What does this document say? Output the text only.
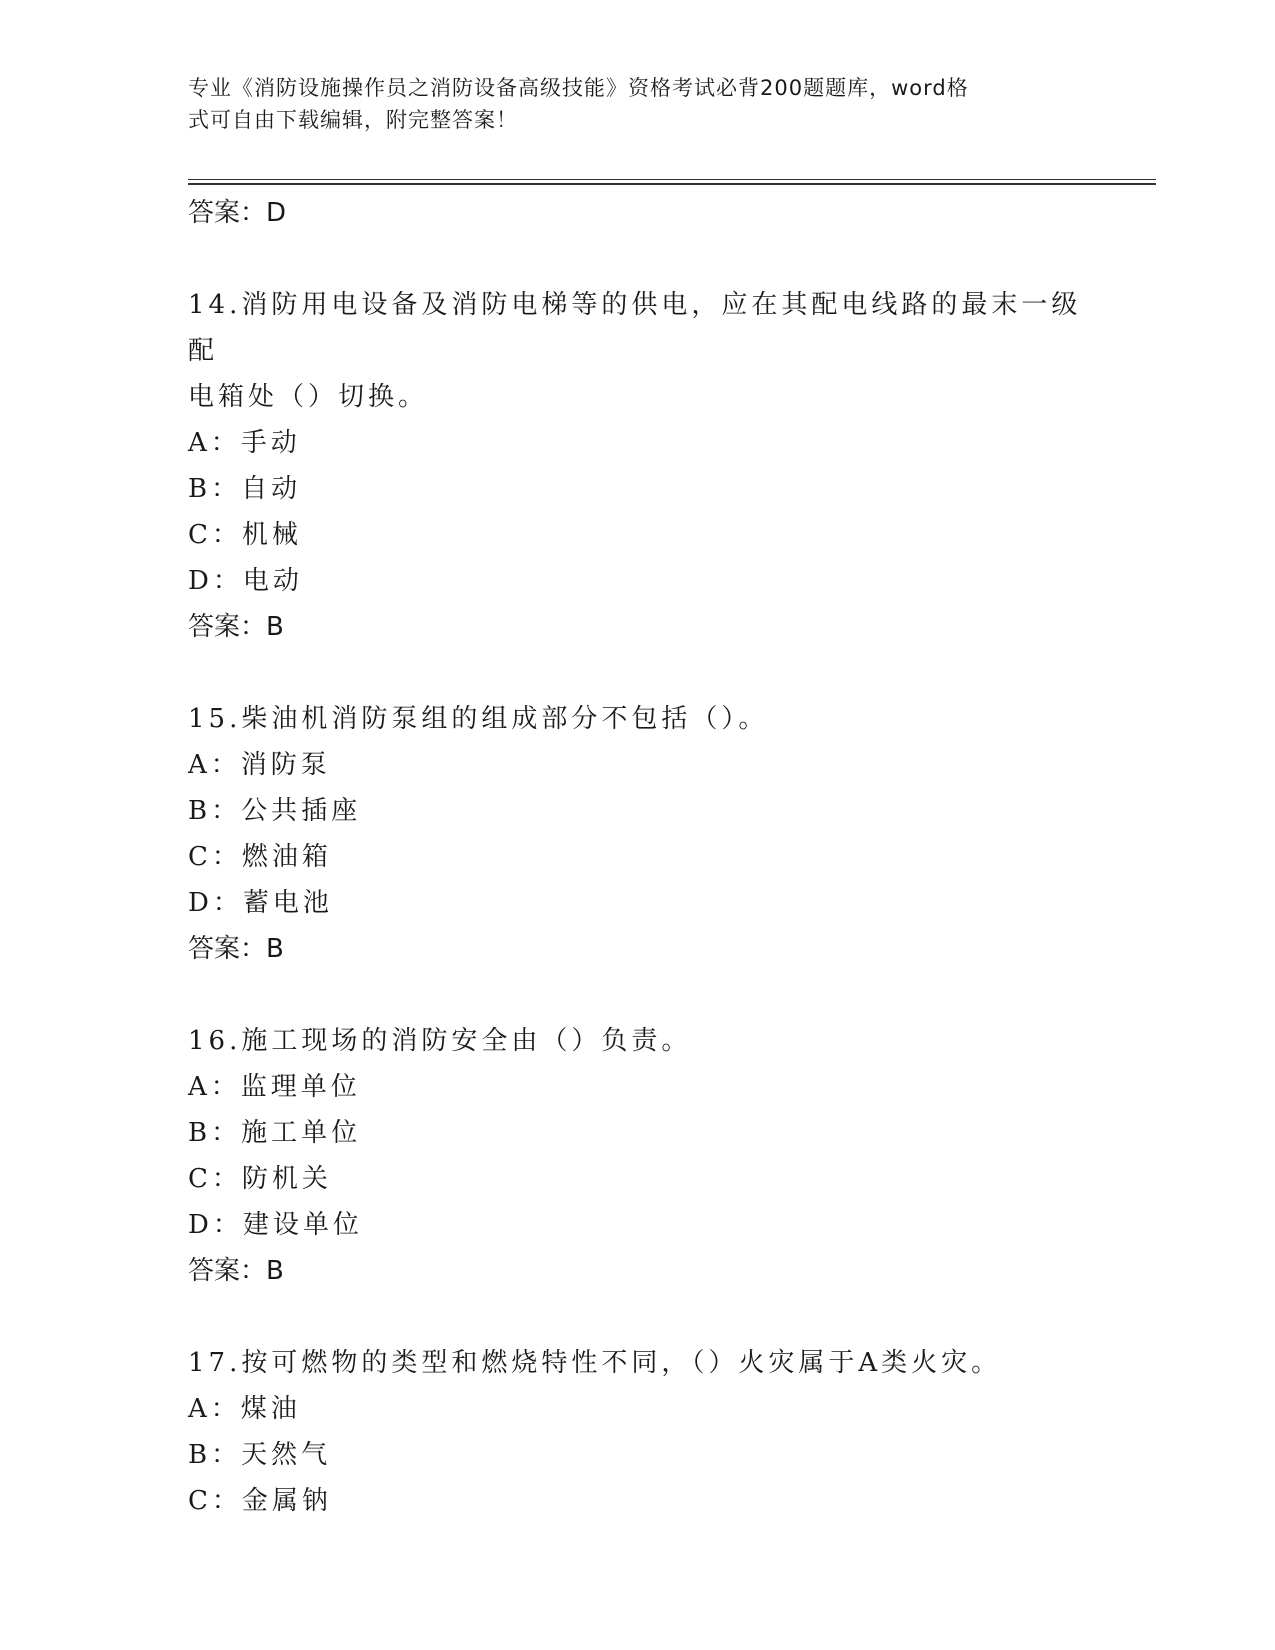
专业《消防设施操作员之消防设备高级技能》资格考试必背200题题库，word格
式可自由下载编辑，附完整答案！
答案：D
14.消防用电设备及消防电梯等的供电，应在其配电线路的最末一级配
电箱处（）切换。
A：手动
B：自动
C：机械
D：电动
答案：B
15.柴油机消防泵组的组成部分不包括（）。
A：消防泵
B：公共插座
C：燃油箱
D：蓄电池
答案：B
16.施工现场的消防安全由（）负责。
A：监理单位
B：施工单位
C：防机关
D：建设单位
答案：B
17.按可燃物的类型和燃烧特性不同，（）火灾属于A类火灾。
A：煤油
B：天然气
C：金属钠
